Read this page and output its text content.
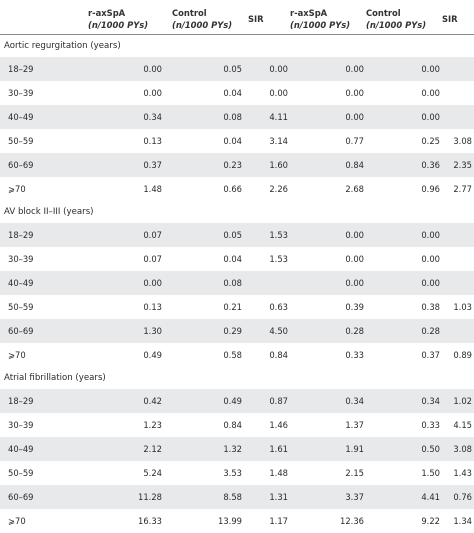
	r-axSpA
(n/1000 PYs)	Control
(n/1000 PYs)	SIR	r-axSpA
(n/1000 PYs)	Control
(n/1000 PYs)	SIR
Aortic regurgitation (years)						
18–29	0.00	0.05	0.00	0.00	0.00	
30–39	0.00	0.04	0.00	0.00	0.00	
40–49	0.34	0.08	4.11	0.00	0.00	
50–59	0.13	0.04	3.14	0.77	0.25	3.08
60–69	0.37	0.23	1.60	0.84	0.36	2.35
⩾70	1.48	0.66	2.26	2.68	0.96	2.77
AV block II–III (years)						
18–29	0.07	0.05	1.53	0.00	0.00	
30–39	0.07	0.04	1.53	0.00	0.00	
40–49	0.00	0.08		0.00	0.00	
50–59	0.13	0.21	0.63	0.39	0.38	1.03
60–69	1.30	0.29	4.50	0.28	0.28	
⩾70	0.49	0.58	0.84	0.33	0.37	0.89
Atrial fibrillation (years)						
18–29	0.42	0.49	0.87	0.34	0.34	1.02
30–39	1.23	0.84	1.46	1.37	0.33	4.15
40–49	2.12	1.32	1.61	1.91	0.50	3.08
50–59	5.24	3.53	1.48	2.15	1.50	1.43
60–69	11.28	8.58	1.31	3.37	4.41	0.76
⩾70	16.33	13.99	1.17	12.36	9.22	1.34
